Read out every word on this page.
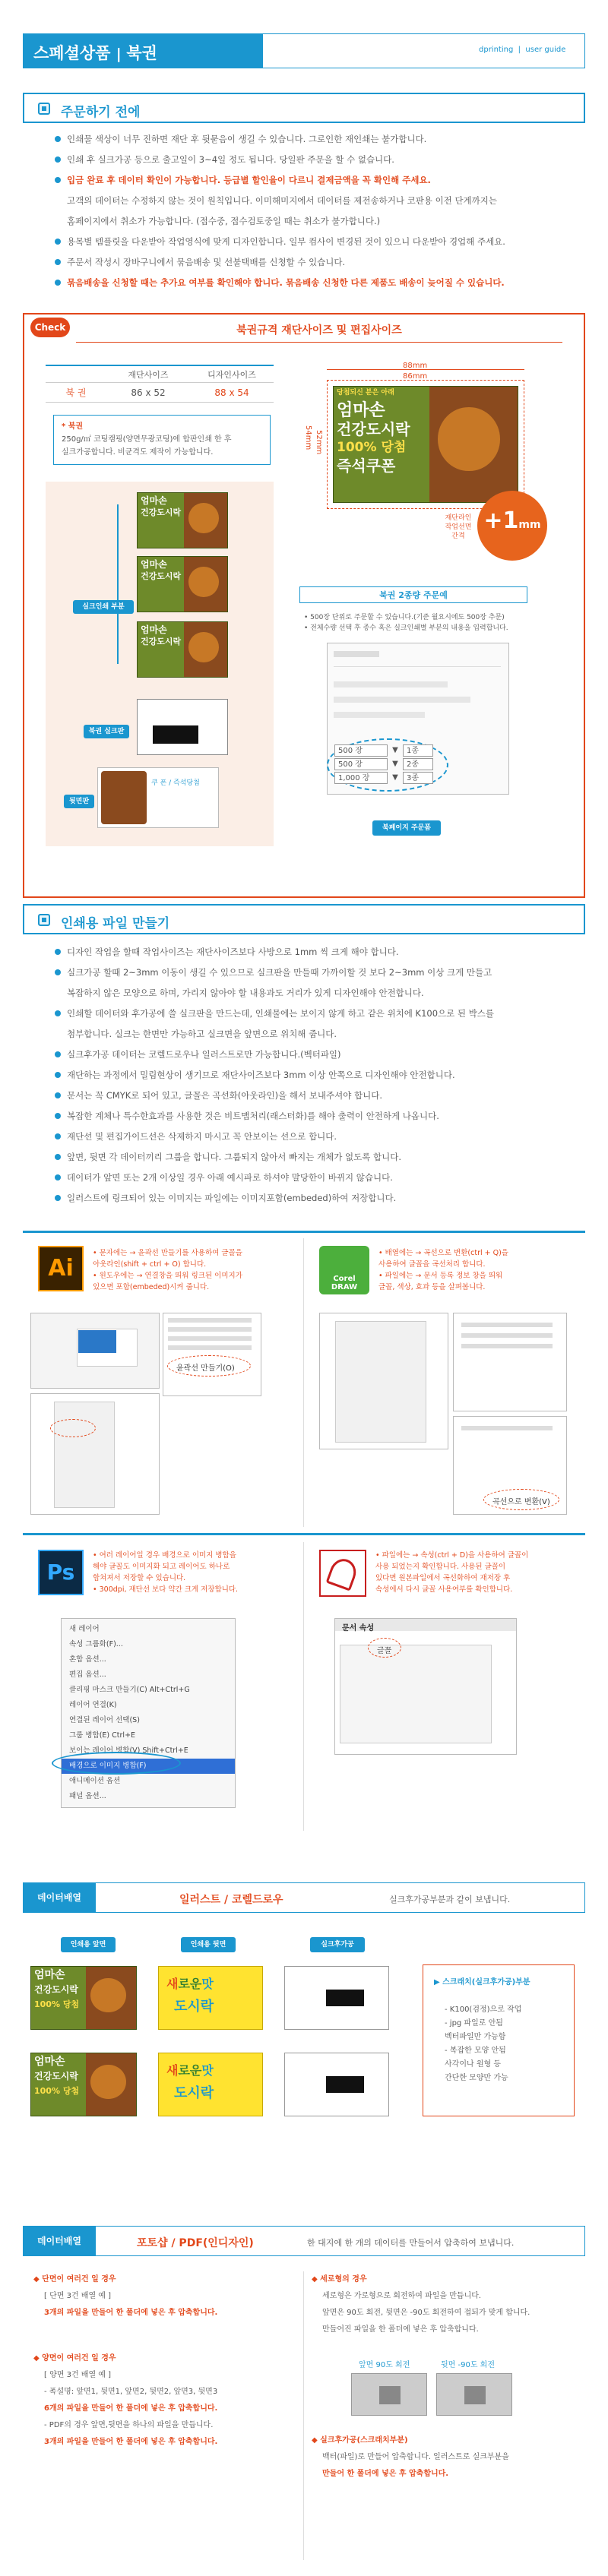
스페셜상품 | 북권	dprinting  |  user guide
주문하기 전에
인쇄물 색상이 너무 진하면 재단 후 뒷묻음이 생길 수 있습니다. 그로인한 재인쇄는 불가합니다.
인쇄 후 실크가공 등으로 출고일이 3~4일 정도 됩니다. 당일판 주문을 할 수 없습니다.
입금 완료 후 데이터 확인이 가능합니다. 등급별 할인율이 다르니 결제금액을 꼭 확인해 주세요.
고객의 데이터는 수정하지 않는 것이 원칙입니다. 이미해미지에서 데이터를 제전송하거나 코판용 이전 단계까지는
홈페이지에서 취소가 가능합니다. (접수중, 접수검토중일 때는 취소가 불가합니다.)
용목별 템플릿을 다운받아 작업영식에 맞게 디자인합니다. 일부 컴사이 변경된 것이 있으니 다운받아 경업해 주세요.
주문서 작성시 장바구니에서 묶음배송 및 선불택배를 신청할 수 있습니다.
묶음배송을 신청할 때는 추가요 여부를 확인해야 합니다. 묶음배송 신청한 다른 제품도 배송이 늦어질 수 있습니다.
Check	북권규격 재단사이즈 및 편집사이즈
재단사이즈	디자인사이즈
북 권	86 x 52	88 x 54
* 북권
250g/㎡ 코팅캠핑(양면무광코팅)에 합판인쇄 한 후
실크가공합니다. 비균격도 제작이 가능합니다.
88mm
86mm
54mm 52mm
당첨되신 분은 아래
엄마손
건강도시락
100% 당첨
즉석쿠폰
+1mm
재단라인
작업선면
간격
엄마손
건강도시락
엄마손
건강도시락
엄마손
건강도시락
실크인쇄 부분
북권 실크판
뒷면판
쿠 폰 / 즉석당첨
북권 2종량 주문예
• 500장 단위로 주문할 수 있습니다.(기준 월요시에도 500장 추문)
• 전체수량 선택 후 종수 혹은 실크인쇄별 부분의 내용을 입력합니다.
500 장	▼	1종
500 장	▼	2종
1,000 장	▼	3종
북페이지 주문폼
인쇄용 파일 만들기
디자인 작업을 할때 작업사이즈는 재단사이즈보다 사방으로 1mm 씩 크게 해야 합니다.
실크가공 할때 2~3mm 이동이 생길 수 있으므로 실크판을 만들때 가까이할 것 보다 2~3mm 이상 크게 만들고
복잡하지 않은 모양으로 하며, 가리지 않아야 할 내용과도 거리가 있게 디자인해야 안전합니다.
인쇄할 데이터와 후가공에 쓸 실크판을 만드는데, 인쇄물에는 보이지 않게 하고 같은 위치에 K100으로 된 박스를
첨부합니다. 실크는 한면만 가능하고 실크면을 앞면으로 위치해 줍니다.
실크후가공 데이터는 코렐드로우나 일러스트로만 가능합니다.(벡터파일)
재단하는 과정에서 밀림현상이 생기므로 재단사이즈보다 3mm 이상 안쪽으로 디자인해야 안전합니다.
문서는 꼭 CMYK로 되어 있고, 글꼴은 곡선화(아웃라인)을 해서 보내주셔야 합니다.
복잡한 계체나 특수한효과를 사용한 것은 비트맵처리(래스터화)를 해야 출력이 안전하게 나옵니다.
재단선 및 편집가이드선은 삭제하지 마시고 꼭 안보이는 선으로 합니다.
앞면, 뒷면 각 데이터끼리 그룹을 합니다. 그룹되지 않아서 빠지는 개체가 없도록 합니다.
데이터가 앞면 또는 2개 이상일 경우 아래 예시파로 하셔야 말당한이 바뀌지 않습니다.
일러스트에 링크되어 있는 이미지는 파일에는 이미지포함(embeded)하여 저장합니다.
Ai
• 문자에는 → 윤곽선 만들기를 사용하여 글꼴을
아웃라인(shift + ctrl + O) 합니다.
• 윈도우에는 → 연결창을 띄워 링크된 이미지가
있으면 포함(embeded)시켜 줍니다.
윤곽선 만들기(O)
Corel DRAW
• 배열에는 → 곡선으로 변환(ctrl + Q)을
사용하여 글꼴을 곡선처리 합니다.
• 파일에는 → 문서 등록 정보 창을 띄워
글꼴, 색상, 효과 등을 살펴봅니다.
곡선으로 변환(V)
Ps
• 여러 레이어일 경우 배경으로 이미지 병합을
해야 글꼴도 이미지화 되고 레이어도 하나로
합쳐져서 저장할 수 있습니다.
• 300dpi, 재단선 보다 약간 크게 저장합니다.
새 레이어
속성 그룹화(F)...
혼합 옵션...
편집 옵션...
클리핑 마스크 만들기(C) Alt+Ctrl+G
레이어 연결(K)
연결된 레이어 선택(S)
그룹 병합(E) Ctrl+E
보이는 레이어 병합(V) Shift+Ctrl+E
배경으로 이미지 병합(F)
애니메이션 옵션
패널 옵션...
• 파일에는 → 속성(ctrl + D)을 사용하여 글꼴이
사용 되었는지 확인합니다. 사용된 글꼴이
있다면 원본파일에서 곡선화하여 재저장 후
속성에서 다시 글꼴 사용여부를 확인합니다.
문서 속성
글꼴
데이터배열	일러스트 / 코렐드로우	실크후가공부분과 같이 보냅니다.
인쇄용 앞면	인쇄용 뒷면	실크후가공
엄마손
건강도시락
100% 당첨
엄마손
건강도시락
100% 당첨
새로운맛
도시락
새로운맛
도시락
▶ 스크래치(실크후가공)부분
- K100(검정)으로 작업
- jpg 파일로 안됨
벡터파일만 가능함
- 복잡한 모양 안됨
사각이나 원형 등
간단한 모양만 가능
데이터배열	포토샵 / PDF(인디자인)	한 대지에 한 개의 데이터를 만들어서 압축하여 보냅니다.
◆ 단면이 여러건 일 경우
[ 단면 3건 배열 예 ]
3개의 파일을 만들어 한 폴더에 넣은 후 압축합니다.
◆ 양면이 여러건 일 경우
[ 양면 3건 배열 예 ]
- 폭설명: 앞면1, 뒷면1, 앞면2, 뒷면2, 앞면3, 뒷면3
6개의 파일을 만들어 한 폴더에 넣은 후 압축합니다.
- PDF의 경우 앞면,뒷면을 하나의 파일을 만듭니다.
3개의 파일을 만들어 한 폴더에 넣은 후 압축합니다.
◆ 세로형의 경우
세로형은 가로형으로 회전하여 파일을 만듭니다.
앞면은 90도 회전, 뒷면은 -90도 회전하여 접되가 맞게 합니다.
만들어진 파일을 한 폴더에 넣은 후 압축합니다.
앞면 90도 회전	뒷면 -90도 회전
◆ 실크후가공(스크래치부분)
백터(파일)로 만들어 압축합니다. 일러스트로 실크부분을
만들어 한 폴더에 넣은 후 압축합니다.
